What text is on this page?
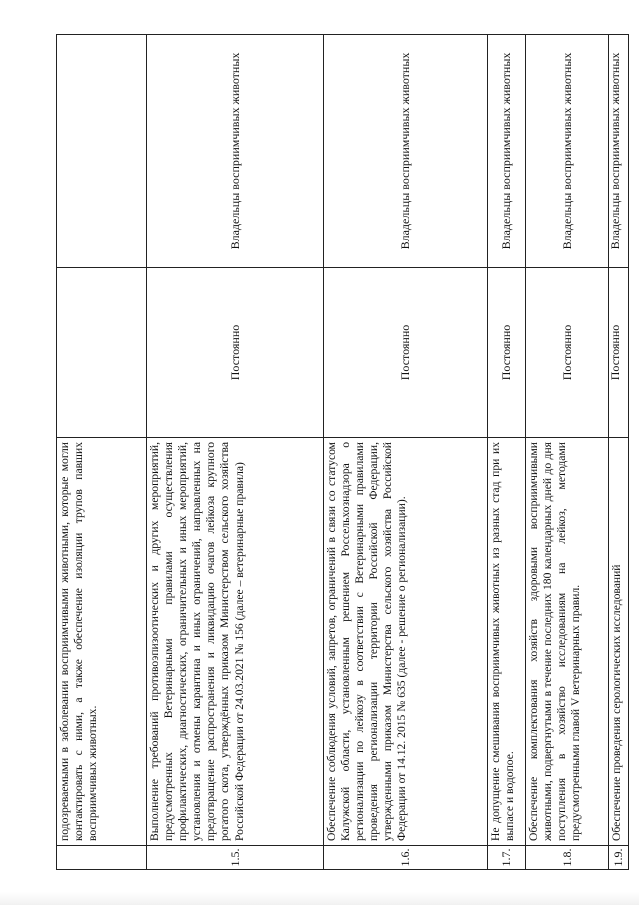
	подозреваемыми в заболевании восприимчивыми животными, которые могли контактировать с ними, а также обеспечение изоляции трупов павших восприимчивых животных.		
1.5.	Выполнение требований противоэпизоотических и других мероприятий, предусмотренных Ветеринарными правилами осуществления профилактических, диагностических, ограничительных и иных мероприятий, установления и отмены карантина и иных ограничений, направленных на предотвращение распространения и ликвидацию очагов лейкоза крупного рогатого скота, утверждённых приказом Министерством сельского хозяйства Российской Федерации от 24.03.2021 № 156 (далее – ветеринарные правила)	Постоянно	Владельцы восприимчивых животных
1.6.	Обеспечение соблюдения условий, запретов, ограничений в связи со статусом Калужской области, установленным решением Россельхознадзора о регионализации по лейкозу в соответствии с Ветеринарными правилами проведения регионализации территории Российской Федерации, утвержденными приказом Министерства сельского хозяйства Российской Федерации от 14.12. 2015 № 635 (далее - решение о регионализации).	Постоянно	Владельцы восприимчивых животных
1.7.	Не допущение смешивания восприимчивых животных из разных стад при их выпасе и водопое.	Постоянно	Владельцы восприимчивых животных
1.8.	Обеспечение комплектования хозяйств здоровыми восприимчивыми животными, подвергнутыми в течение последних 180 календарных дней до дня поступления в хозяйство исследованиям на лейкоз, методами предусмотренными главой V ветеринарных правил.	Постоянно	Владельцы восприимчивых животных
1.9.	Обеспечение проведения серологических исследований	Постоянно	Владельцы восприимчивых животных
